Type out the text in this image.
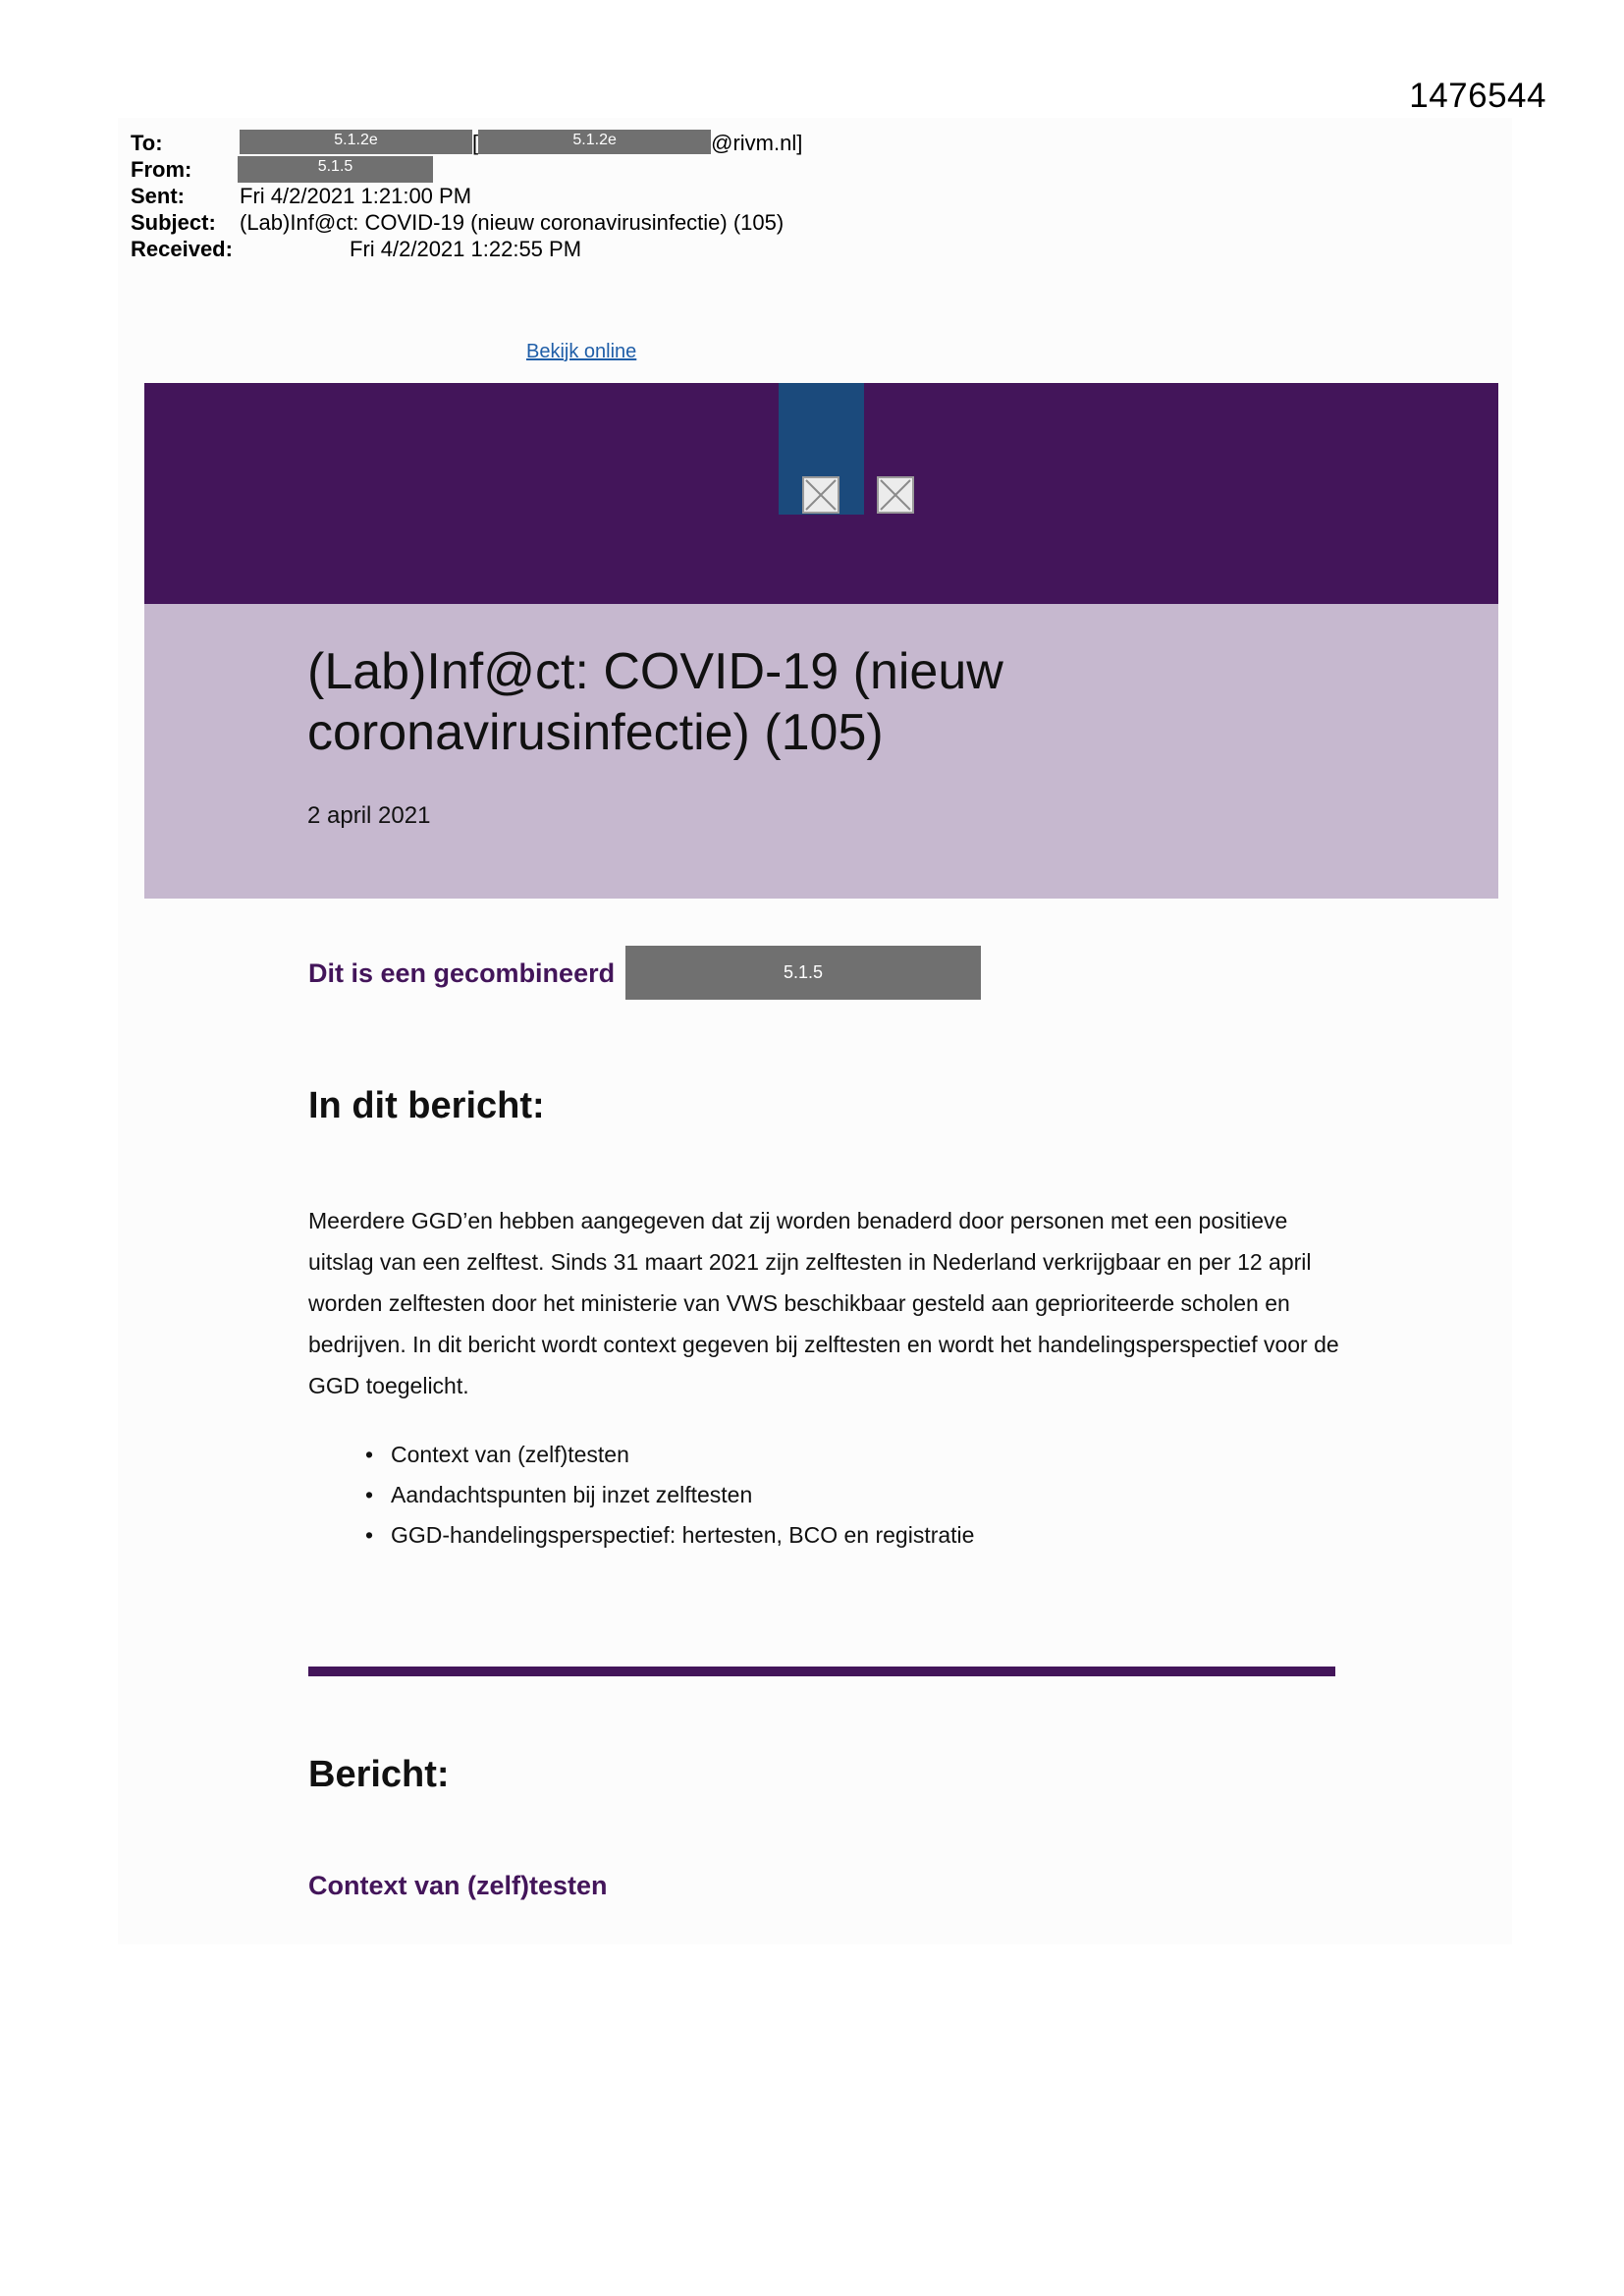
1476544
To:	5.1.2e	[	5.1.2e	@rivm.nl]
From:	5.1.5
Sent:	Fri 4/2/2021 1:21:00 PM
Subject: (Lab)Inf@ct: COVID-19 (nieuw coronavirusinfectie) (105)
Received:	Fri 4/2/2021 1:22:55 PM
Bekijk online
(Lab)Inf@ct: COVID-19 (nieuw coronavirusinfectie) (105)
2 april 2021
Dit is een gecombineerd	5.1.5
In dit bericht:

Meerdere GGD’en hebben aangegeven dat zij worden benaderd door personen met een positieve uitslag van een zelftest. Sinds 31 maart 2021 zijn zelftesten in Nederland verkrijgbaar en per 12 april worden zelftesten door het ministerie van VWS beschikbaar gesteld aan geprioriteerde scholen en bedrijven. In dit bericht wordt context gegeven bij zelftesten en wordt het handelingsperspectief voor de GGD toegelicht.

• Context van (zelf)testen
• Aandachtspunten bij inzet zelftesten
• GGD-handelingsperspectief: hertesten, BCO en registratie
Bericht:
Context van (zelf)testen
